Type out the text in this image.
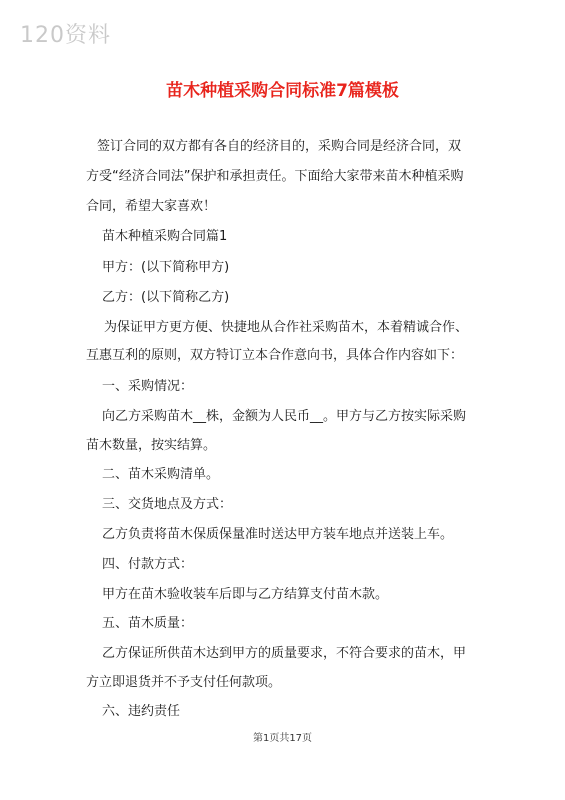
120资料
苗木种植采购合同标准7篇模板
签订合同的双方都有各自的经济目的，采购合同是经济合同，双
方受“经济合同法”保护和承担责任。下面给大家带来苗木种植采购
合同，希望大家喜欢！
苗木种植采购合同篇1
甲方：(以下简称甲方)
乙方：(以下简称乙方)
为保证甲方更方便、快捷地从合作社采购苗木，本着精诚合作、
互惠互利的原则，双方特订立本合作意向书，具体合作内容如下：
一、采购情况：
向乙方采购苗木__株，金额为人民币__。甲方与乙方按实际采购
苗木数量，按实结算。
二、苗木采购清单。
三、交货地点及方式：
乙方负责将苗木保质保量准时送达甲方装车地点并送装上车。
四、付款方式：
甲方在苗木验收装车后即与乙方结算支付苗木款。
五、苗木质量：
乙方保证所供苗木达到甲方的质量要求，不符合要求的苗木，甲
方立即退货并不予支付任何款项。
六、违约责任
第1页共17页
